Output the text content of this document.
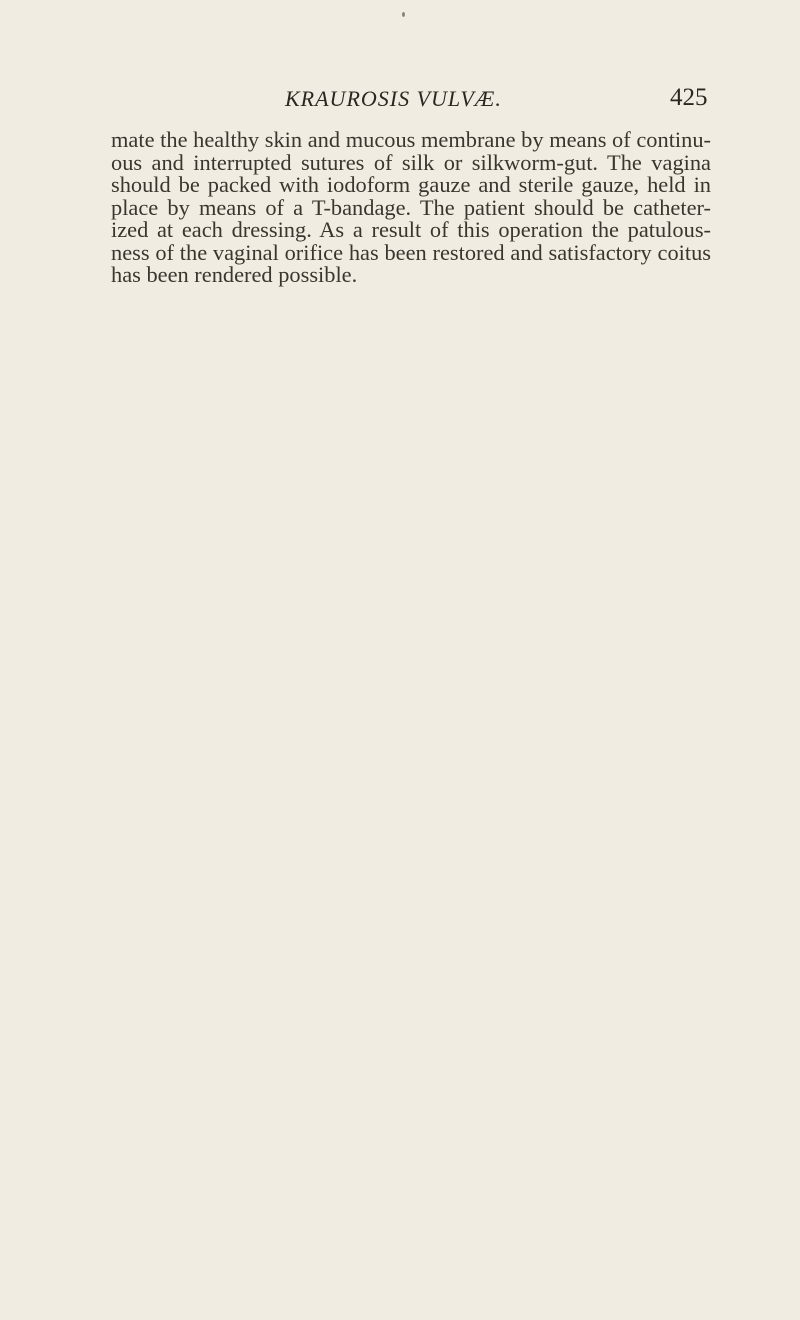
KRAUROSIS VULVÆ.	425
mate the healthy skin and mucous membrane by means of continu-
ous and interrupted sutures of silk or silkworm-gut. The vagina
should be packed with iodoform gauze and sterile gauze, held in
place by means of a T-bandage. The patient should be catheter-
ized at each dressing. As a result of this operation the patulous-
ness of the vaginal orifice has been restored and satisfactory coitus
has been rendered possible.
